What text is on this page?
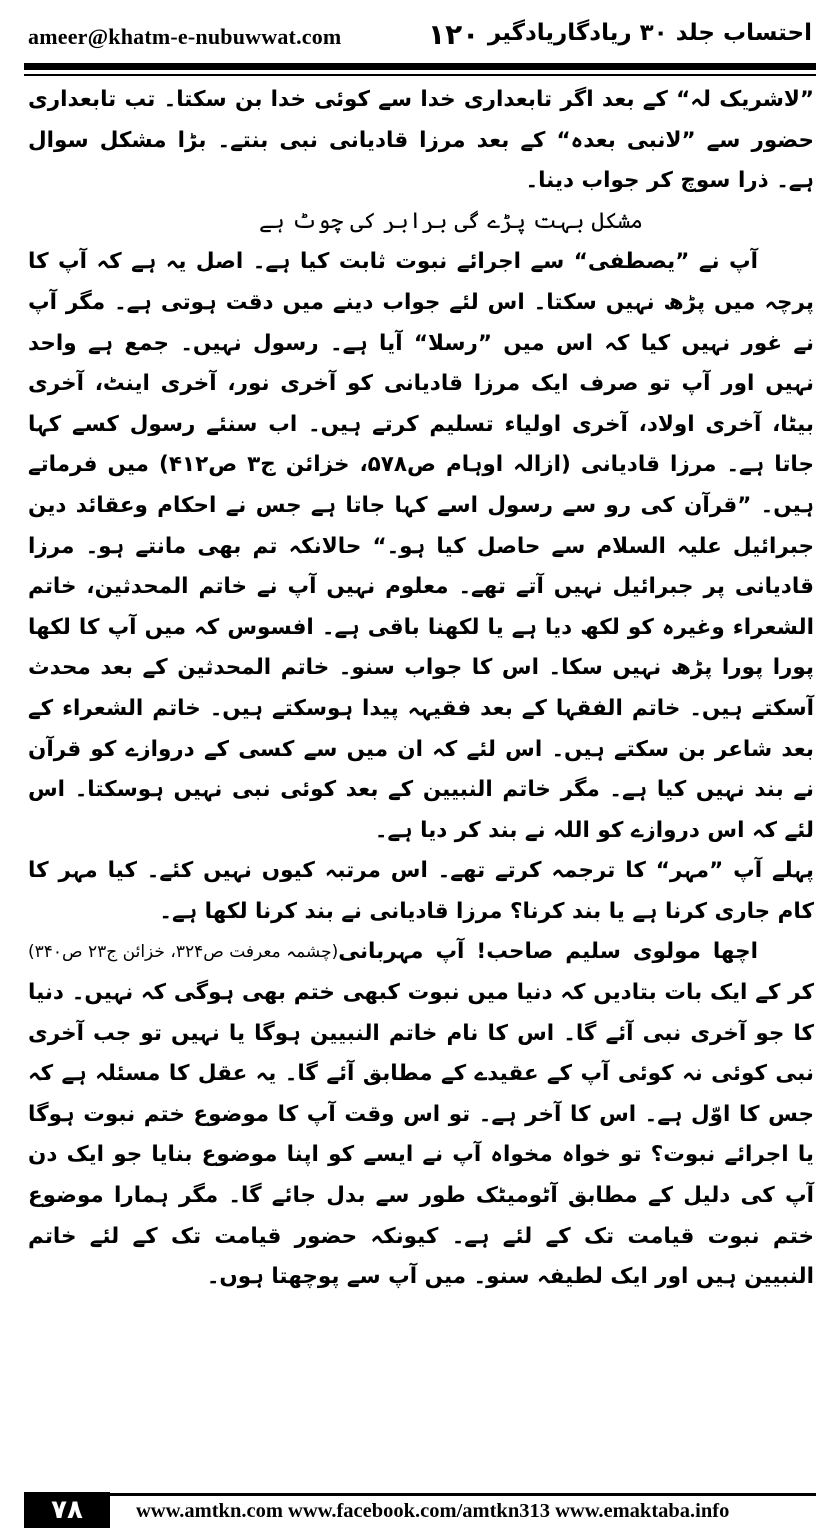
ameer@khatm-e-nubuwwat.com	۱۲۰ احتساب جلد ۳۰ ریادگاریادگیر

”لاشریک لہ“ کے بعد اگر تابعداری خدا سے کوئی خدا بن سکتا۔ تب تابعداری حضور سے ”لانبی بعدہ“ کے بعد مرزا قادیانی نبی بنتے۔ بڑا مشکل سوال ہے۔ ذرا سوچ کر جواب دینا۔

مشکل بہت پڑے گی برابر کی چوٹ ہے

آپ نے ”یصطفی“ سے اجرائے نبوت ثابت کیا ہے۔ اصل یہ ہے کہ آپ کا پرچہ میں پڑھ نہیں سکتا۔ اس لئے جواب دینے میں دقت ہوتی ہے۔ مگر آپ نے غور نہیں کیا کہ اس میں ”رسلا“ آیا ہے۔ رسول نہیں۔ جمع ہے واحد نہیں اور آپ تو صرف ایک مرزا قادیانی کو آخری نور، آخری اینٹ، آخری بیٹا، آخری اولاد، آخری اولیاء تسلیم کرتے ہیں۔ اب سنئے رسول کسے کہا جاتا ہے۔ مرزا قادیانی (ازالہ اوہام ص۵۷۸، خزائن ج۳ ص۴۱۲) میں فرماتے ہیں۔ ”قرآن کی رو سے رسول اسے کہا جاتا ہے جس نے احکام وعقائد دین جبرائیل علیہ السلام سے حاصل کیا ہو۔“ حالانکہ تم بھی مانتے ہو۔ مرزا قادیانی پر جبرائیل نہیں آتے تھے۔ معلوم نہیں آپ نے خاتم المحدثین، خاتم الشعراء وغیرہ کو لکھ دیا ہے یا لکھنا باقی ہے۔ افسوس کہ میں آپ کا لکھا پورا پورا پڑھ نہیں سکا۔ اس کا جواب سنو۔ خاتم المحدثین کے بعد محدث آسکتے ہیں۔ خاتم الفقہا کے بعد فقیہہ پیدا ہوسکتے ہیں۔ خاتم الشعراء کے بعد شاعر بن سکتے ہیں۔ اس لئے کہ ان میں سے کسی کے دروازے کو قرآن نے بند نہیں کیا ہے۔ مگر خاتم النبیین کے بعد کوئی نبی نہیں ہوسکتا۔ اس لئے کہ اس دروازے کو اللہ نے بند کر دیا ہے۔

پہلے آپ ”مہر“ کا ترجمہ کرتے تھے۔ اس مرتبہ کیوں نہیں کئے۔ کیا مہر کا کام جاری کرنا ہے یا بند کرنا؟ مرزا قادیانی نے بند کرنا لکھا ہے۔
(چشمہ معرفت ص۳۲۴، خزائن ج۲۳ ص۳۴۰) اچھا مولوی سلیم صاحب! آپ مہربانی کر کے ایک بات بتادیں کہ دنیا میں نبوت کبھی ختم بھی ہوگی کہ نہیں۔ دنیا کا جو آخری نبی آئے گا۔ اس کا نام خاتم النبیین ہوگا یا نہیں تو جب آخری نبی کوئی نہ کوئی آپ کے عقیدے کے مطابق آئے گا۔ یہ عقل کا مسئلہ ہے کہ جس کا اوّل ہے۔ اس کا آخر ہے۔ تو اس وقت آپ کا موضوع ختم نبوت ہوگا یا اجرائے نبوت؟ تو خواہ مخواہ آپ نے ایسے کو اپنا موضوع بنایا جو ایک دن آپ کی دلیل کے مطابق آٹومیٹک طور سے بدل جائے گا۔ مگر ہمارا موضوع ختم نبوت قیامت تک کے لئے ہے۔ کیونکہ حضور قیامت تک کے لئے خاتم النبیین ہیں اور ایک لطیفہ سنو۔ میں آپ سے پوچھتا ہوں۔

۷۸	www.amtkn.com www.facebook.com/amtkn313 www.emaktaba.info
